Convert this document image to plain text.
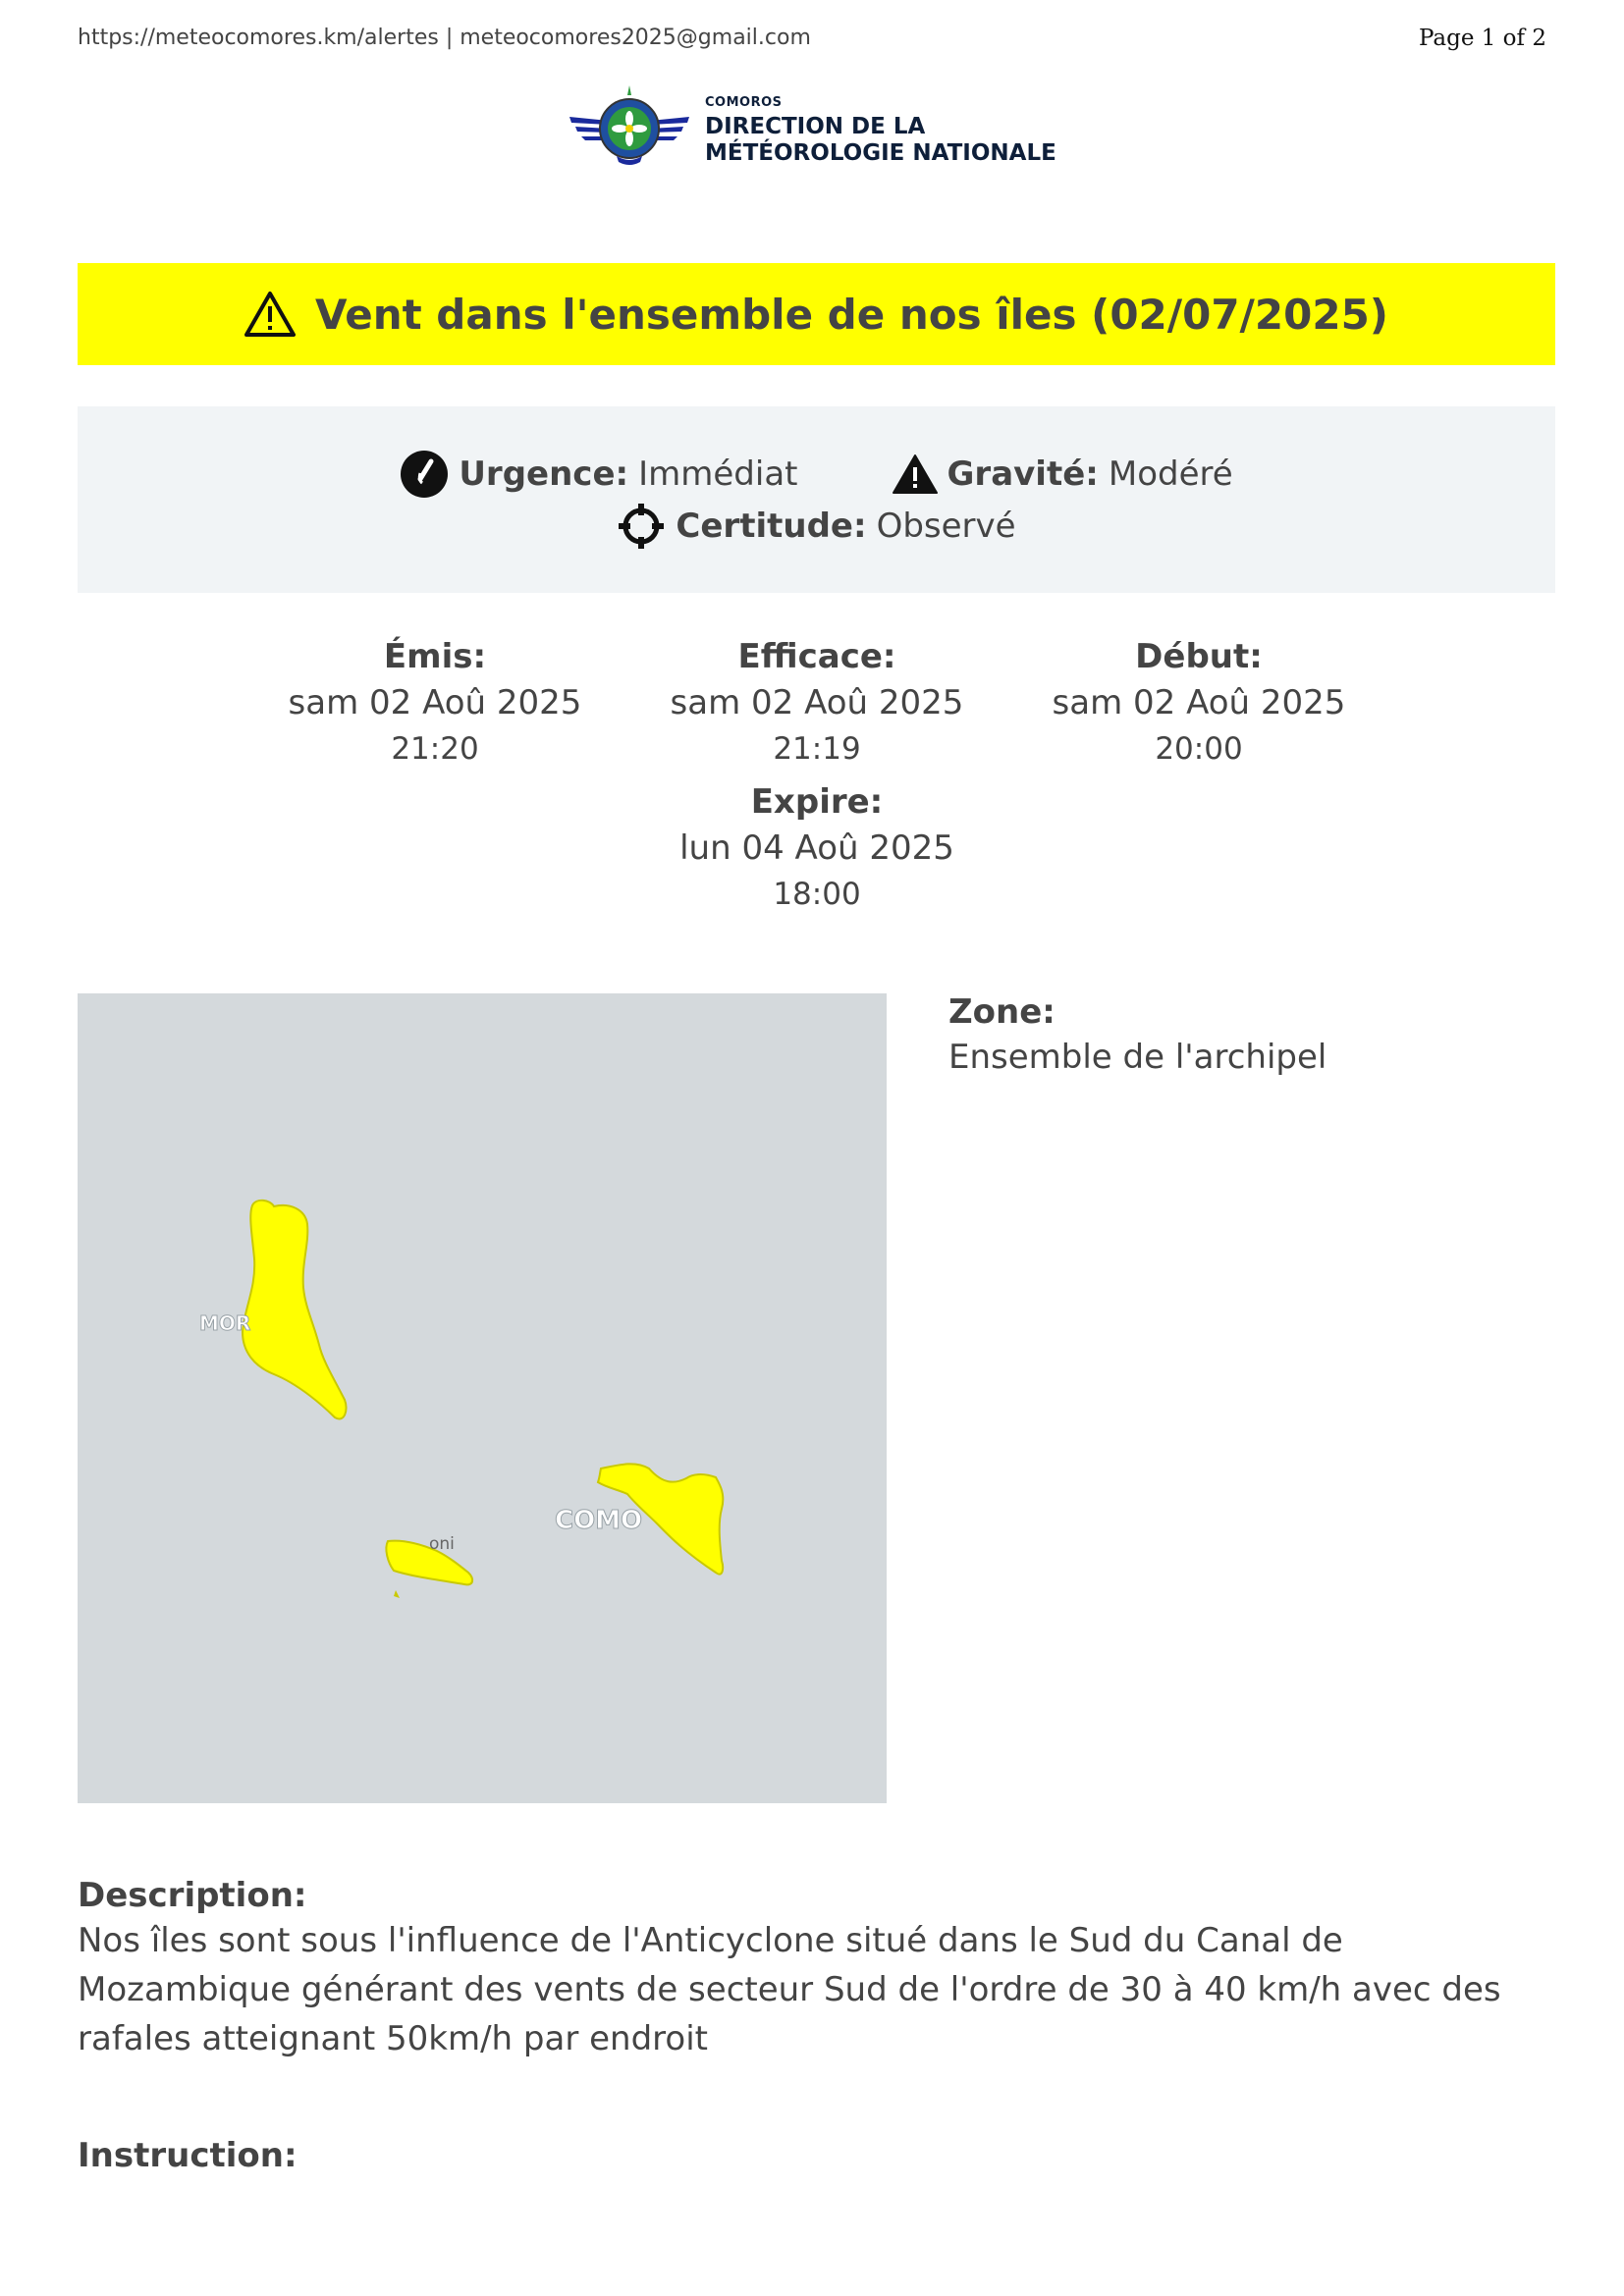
https://meteocomores.km/alertes | meteocomores2025@gmail.com	Page 1 of 2
COMOROS
DIRECTION DE LA
MÉTÉOROLOGIE NATIONALE
Vent dans l'ensemble de nos îles (02/07/2025)
Urgence: Immédiat	Gravité: Modéré
Certitude: Observé
Émis:
sam 02 Aoû 2025
21:20
Efficace:
sam 02 Aoû 2025
21:19
Début:
sam 02 Aoû 2025
20:00
Expire:
lun 04 Aoû 2025
18:00
MOR
COMO
oni
Zone:
Ensemble de l'archipel
Description:
Nos îles sont sous l'influence de l'Anticyclone situé dans le Sud du Canal de Mozambique générant des vents de secteur Sud de l'ordre de 30 à 40 km/h avec des rafales atteignant 50km/h par endroit
Instruction:
